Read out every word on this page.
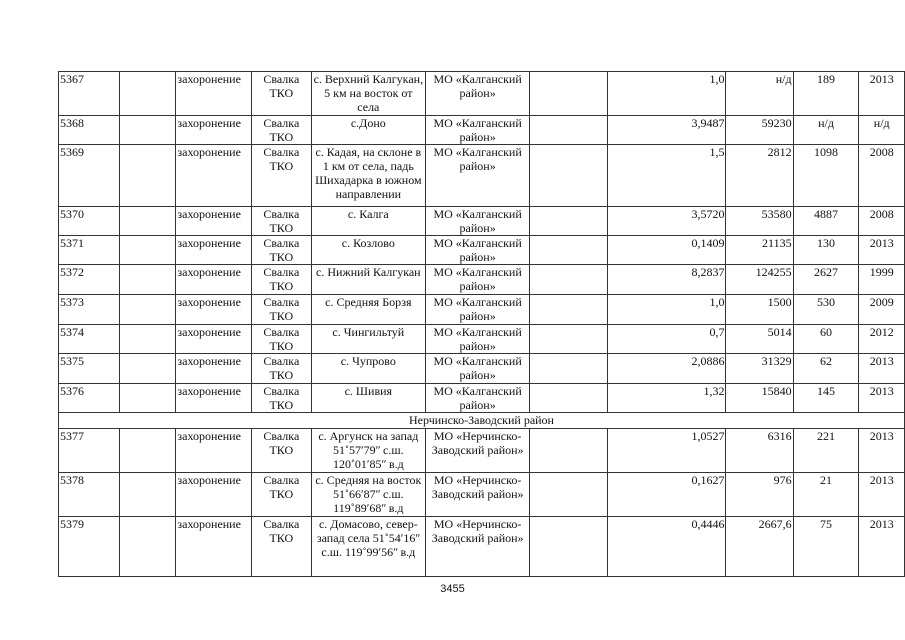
5367		захоронение	Свалка ТКО	с. Верхний Калгукан, 5 км на восток от села	МО «Калганский район»		1,0	н/д	189	2013
5368		захоронение	Свалка ТКО	с.Доно	МО «Калганский район»		3,9487	59230	н/д	н/д
5369		захоронение	Свалка ТКО	с. Кадая, на склоне в 1 км от села, падь Шихадарка в южном направлении	МО «Калганский район»		1,5	2812	1098	2008
5370		захоронение	Свалка ТКО	с. Калга	МО «Калганский район»		3,5720	53580	4887	2008
5371		захоронение	Свалка ТКО	с. Козлово	МО «Калганский район»		0,1409	21135	130	2013
5372		захоронение	Свалка ТКО	с. Нижний Калгукан	МО «Калганский район»		8,2837	124255	2627	1999
5373		захоронение	Свалка ТКО	с. Средняя Борзя	МО «Калганский район»		1,0	1500	530	2009
5374		захоронение	Свалка ТКО	с. Чингильтуй	МО «Калганский район»		0,7	5014	60	2012
5375		захоронение	Свалка ТКО	с. Чупрово	МО «Калганский район»		2,0886	31329	62	2013
5376		захоронение	Свалка ТКО	с. Шивия	МО «Калганский район»		1,32	15840	145	2013
Нерчинско-Заводский район										
5377		захоронение	Свалка ТКО	с. Аргунск на запад 51˚57ʹ79ʺ с.ш. 120˚01ʹ85ʺ в.д	МО «Нерчинско-Заводский район»		1,0527	6316	221	2013
5378		захоронение	Свалка ТКО	с. Средняя на восток 51˚66ʹ87ʺ с.ш. 119˚89ʹ68ʺ в.д	МО «Нерчинско-Заводский район»		0,1627	976	21	2013
5379		захоронение	Свалка ТКО	с. Домасово, север-запад села 51˚54ʹ16ʺ с.ш. 119˚99ʹ56ʺ в.д	МО «Нерчинско-Заводский район»		0,4446	2667,6	75	2013
3455
